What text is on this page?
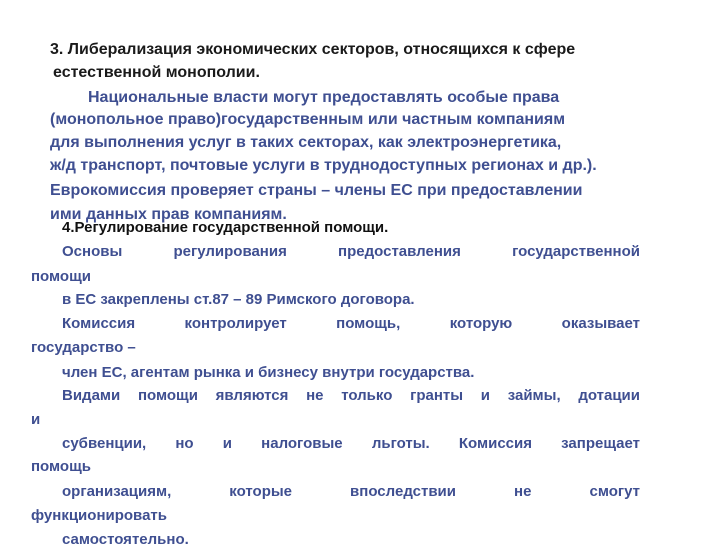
3. Либерализация экономических секторов, относящихся к сфере
естественной монополии.
Национальные власти могут предоставлять особые права
(монопольное право)государственным или частным компаниям
для выполнения услуг в таких секторах, как электроэнергетика,
ж/д транспорт, почтовые услуги в труднодоступных регионах и др.).
Еврокомиссия проверяет страны – члены ЕС при предоставлении
ими данных прав компаниям.
4.Регулирование государственной помощи.
Основы регулирования предоставления государственной
помощи
в ЕС закреплены ст.87 – 89 Римского договора.
Комиссия контролирует помощь, которую оказывает
государство –
член ЕС, агентам рынка и бизнесу внутри государства.
Видами помощи являются не только гранты и займы, дотации
и
субвенции, но и налоговые льготы. Комиссия запрещает
помощь
организациям, которые впоследствии не смогут
функционировать
самостоятельно.
